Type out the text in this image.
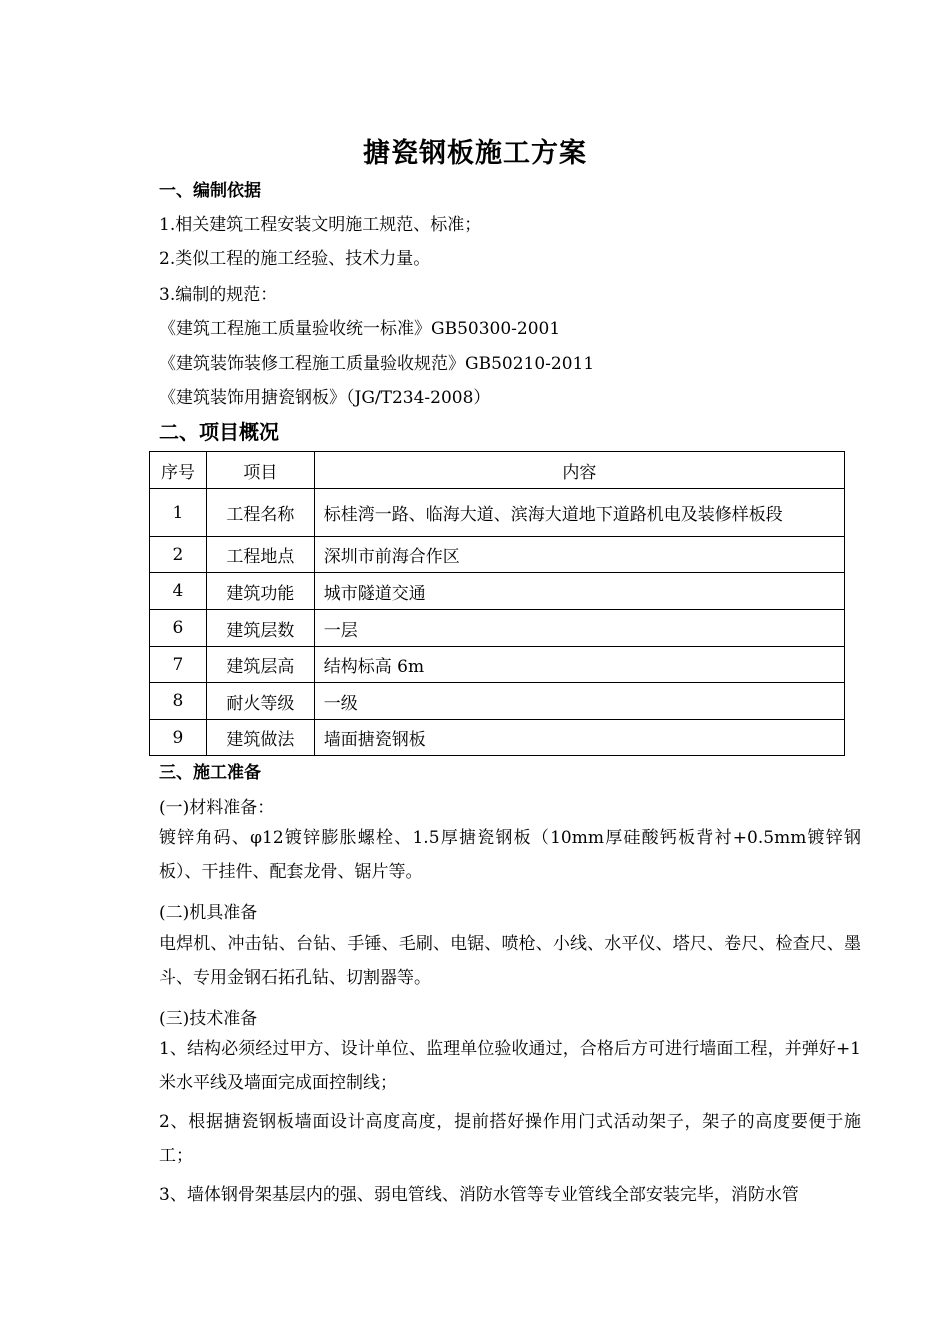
搪瓷钢板施工方案
一、编制依据
1.相关建筑工程安装文明施工规范、标准；
2.类似工程的施工经验、技术力量。
3.编制的规范：
《建筑工程施工质量验收统一标准》GB50300-2001
《建筑装饰装修工程施工质量验收规范》GB50210-2011
《建筑装饰用搪瓷钢板》（JG/T234-2008）
二、项目概况
序号	项目	内容
1	工程名称	标桂湾一路、临海大道、滨海大道地下道路机电及装修样板段
2	工程地点	深圳市前海合作区
4	建筑功能	城市隧道交通
6	建筑层数	一层
7	建筑层高	结构标高 6m
8	耐火等级	一级
9	建筑做法	墙面搪瓷钢板
三、施工准备
(一)材料准备：
镀锌角码、φ12镀锌膨胀螺栓、1.5厚搪瓷钢板（10mm厚硅酸钙板背衬+0.5mm镀锌钢板）、干挂件、配套龙骨、锯片等。
(二)机具准备
电焊机、冲击钻、台钻、手锤、毛刷、电锯、喷枪、小线、水平仪、塔尺、卷尺、检查尺、墨斗、专用金钢石拓孔钻、切割器等。
(三)技术准备
1、结构必须经过甲方、设计单位、监理单位验收通过，合格后方可进行墙面工程，并弹好+1米水平线及墙面完成面控制线；
2、根据搪瓷钢板墙面设计高度高度，提前搭好操作用门式活动架子，架子的高度要便于施工；
3、墙体钢骨架基层内的强、弱电管线、消防水管等专业管线全部安装完毕，消防水管
